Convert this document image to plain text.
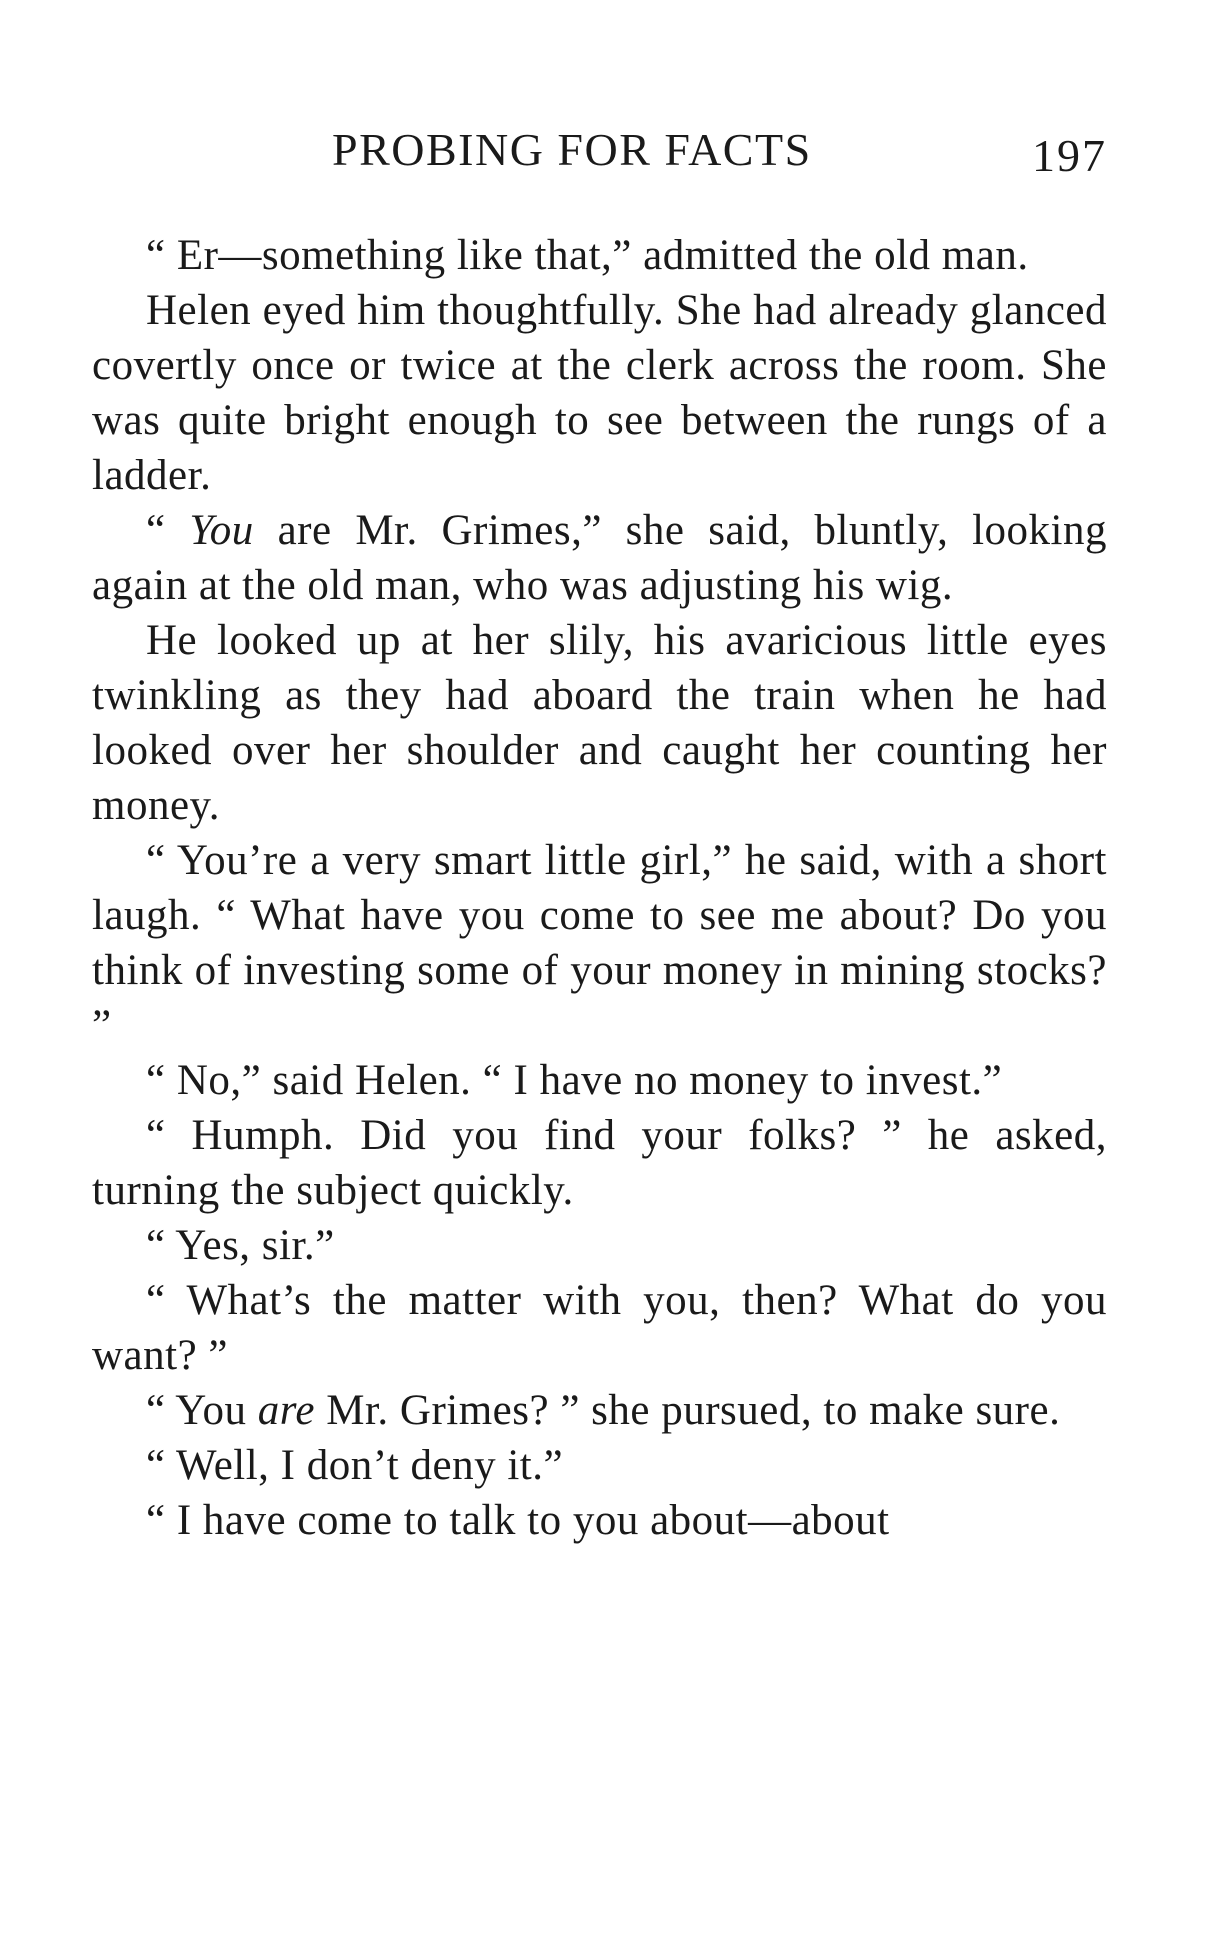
PROBING FOR FACTS	197

“ Er—something like that,” admitted the old man.

Helen eyed him thoughtfully. She had already glanced covertly once or twice at the clerk across the room. She was quite bright enough to see between the rungs of a ladder.

“ You are Mr. Grimes,” she said, bluntly, looking again at the old man, who was adjusting his wig.

He looked up at her slily, his avaricious little eyes twinkling as they had aboard the train when he had looked over her shoulder and caught her counting her money.

“ You’re a very smart little girl,” he said, with a short laugh. “ What have you come to see me about? Do you think of investing some of your money in mining stocks? ”

“ No,” said Helen. “ I have no money to invest.”

“ Humph. Did you find your folks? ” he asked, turning the subject quickly.

“ Yes, sir.”

“ What’s the matter with you, then? What do you want? ”

“ You are Mr. Grimes? ” she pursued, to make sure.

“ Well, I don’t deny it.”

“ I have come to talk to you about—about
